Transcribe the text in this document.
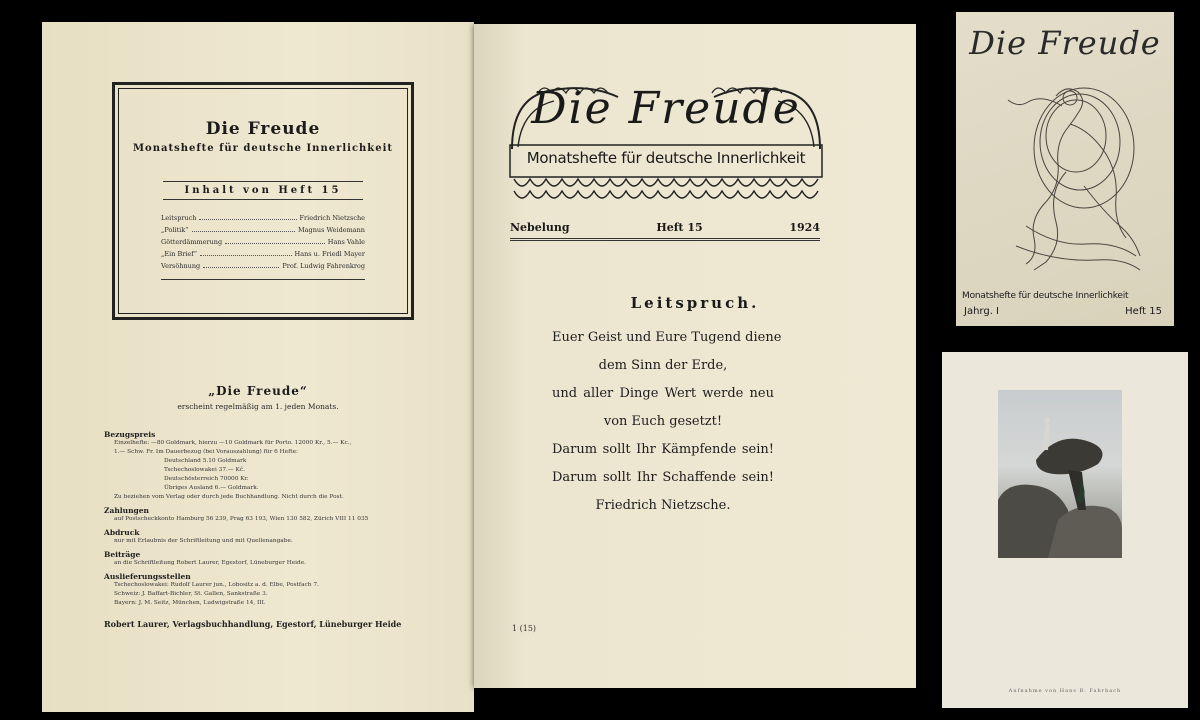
Die Freude
Monatshefte für deutsche Innerlichkeit
Inhalt von Heft 15
Leitspruch	Friedrich Nietzsche
„Politik“	Magnus Weidemann
Götterdämmerung	Hans Vahle
„Ein Brief“	Hans u. Friedl Mayer
Versöhnung	Prof. Ludwig Fahrenkrog
„Die Freude“
erscheint regelmäßig am 1. jeden Monats.
Bezugspreis
Einzelhefte: —80 Goldmark, hierzu —10 Goldmark für Porto. 12000 Kr., 5.— Kc.,
1.— Schw. Fr. Im Dauerbezug (bei Vorauszahlung) für 6 Hefte:
Deutschland 5.10 Goldmark
Tschechoslowakei 37.— Kč.
Deutschösterreich 70000 Kr.
Übriges Ausland 6.— Goldmark.
Zu beziehen vom Verlag oder durch jede Buchhandlung. Nicht durch die Post.
Zahlungen
auf Postscheckkonto Hamburg 56 239, Prag 63 193, Wien 130 582, Zürich VIII 11 035
Abdruck
nur mit Erlaubnis der Schriftleitung und mit Quellenangabe.
Beiträge
an die Schriftleitung Robert Laurer, Egestorf, Lüneburger Heide.
Auslieferungsstellen
Tschechoslowakei: Rudolf Laurer jun., Lobositz a. d. Elbe, Postfach 7.
Schweiz: J. Baffart-Bichler, St. Gallen, Sankstraße 3.
Bayern: J. M. Seitz, München, Ludwigstraße 14, III.
Robert Laurer, Verlagsbuchhandlung, Egestorf, Lüneburger Heide
Die Freude
Monatshefte für deutsche Innerlichkeit
Nebelung	Heft 15	1924
Leitspruch.
Euer Geist und Eure Tugend diene
dem Sinn der Erde,
und aller Dinge Wert werde neu
von Euch gesetzt!
Darum sollt Ihr Kämpfende sein!
Darum sollt Ihr Schaffende sein!
Friedrich Nietzsche.
1 (15)
Die Freude
Monatshefte für deutsche Innerlichkeit
Jahrg. I	Heft 15
Aufnahme von Hans B. Fahrbach
